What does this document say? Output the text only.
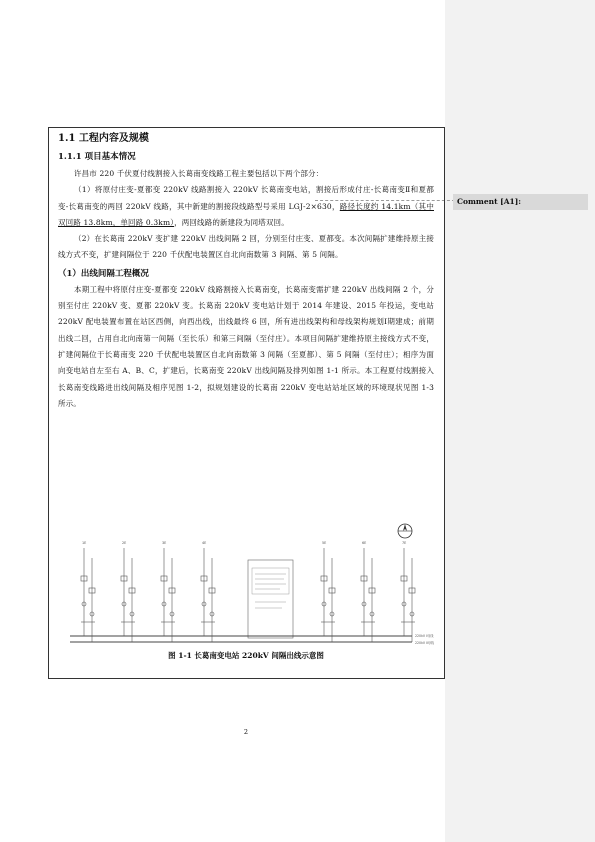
Comment [A1]:
1.1 工程内容及规模
1.1.1 项目基本情况

许昌市 220 千伏夏付线割接入长葛南变线路工程主要包括以下两个部分：

（1）将原付庄变-夏都变 220kV 线路割接入 220kV 长葛南变电站，割接后形成付庄-长葛南变Ⅱ和夏都变-长葛南变的两回 220kV 线路，其中新建的割接段线路型号采用 LGJ-2×630，路径长度约 14.1km（其中双回路 13.8km，单回路 0.3km），两回线路的新建段为同塔双回。

（2）在长葛南 220kV 变扩建 220kV 出线间隔 2 回，分别至付庄变、夏都变。本次间隔扩建维持原主接线方式不变，扩建间隔位于 220 千伏配电装置区自北向南数第 3 间隔、第 5 间隔。

（1）出线间隔工程概况

本期工程中将原付庄变-夏都变 220kV 线路割接入长葛南变，长葛南变需扩建 220kV 出线间隔 2 个，分别至付庄 220kV 变、夏都 220kV 变。长葛南 220kV 变电站计划于 2014 年建设、2015 年投运，变电站 220kV 配电装置布置在站区西侧，向西出线，出线最终 6 回，所有进出线架构和母线架构规划Ⅰ期建成；前期出线二回，占用自北向南第一间隔（至长乐）和第三间隔（至付庄）。本项目间隔扩建维持原主接线方式不变，扩建间隔位于长葛南变 220 千伏配电装置区自北向南数第 3 间隔（至夏都）、第 5 间隔（至付庄）；相序为面向变电站自左至右 A、B、C，扩建后，长葛南变 220kV 出线间隔及排列如图 1-1 所示。本工程夏付线割接入长葛南变线路进出线间隔及相序见图 1-2，拟规划建设的长葛南 220kV 变电站站址区域的环境现状见图 1-3 所示。

220kV Ⅰ母线
220kV Ⅱ母线
1E	2E	3E	4E	5E	6E	7E
图 1-1 长葛南变电站 220kV 间隔出线示意图
2
